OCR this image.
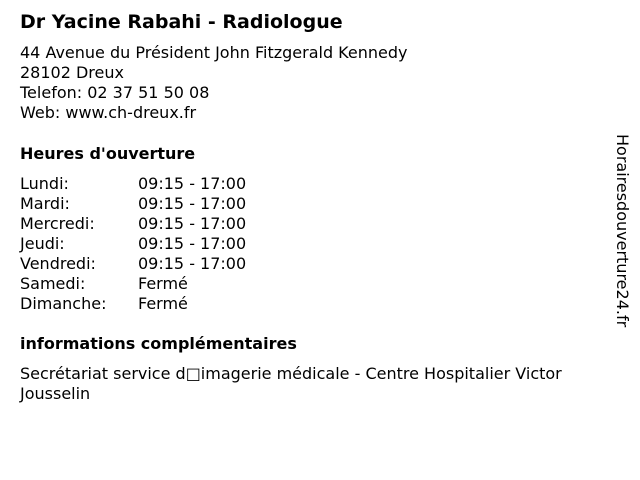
Dr Yacine Rabahi - Radiologue
44 Avenue du Président John Fitzgerald Kennedy
28102 Dreux
Telefon: 02 37 51 50 08
Web: www.ch-dreux.fr
Heures d'ouverture
Lundi:	09:15 - 17:00
Mardi:	09:15 - 17:00
Mercredi:	09:15 - 17:00
Jeudi:	09:15 - 17:00
Vendredi:	09:15 - 17:00
Samedi:	Fermé
Dimanche: Fermé
informations complémentaires
Secrétariat service d□imagerie médicale - Centre Hospitalier Victor Jousselin
Horairesdouverture24.fr
